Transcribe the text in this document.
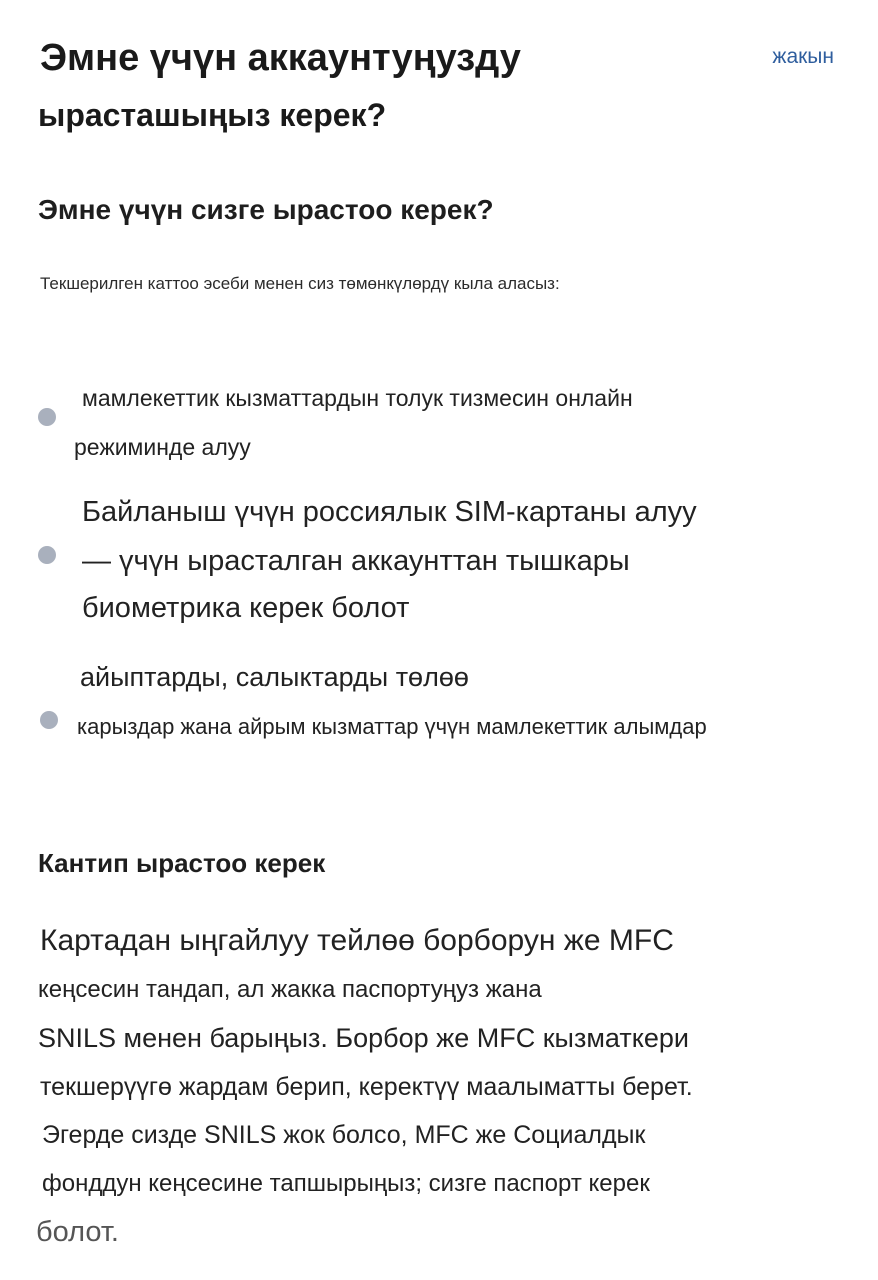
Эмне үчүн аккаунтуңузду
ырасташыңыз керек?
жакын
Эмне үчүн сизге ырастоо керек?

Текшерилген каттоо эсеби менен сиз төмөнкүлөрдү кыла аласыз:

мамлекеттик кызматтардын толук тизмесин онлайн

режиминде алуу

Байланыш үчүн россиялык SIM-картаны алуу

— үчүн ырасталган аккаунттан тышкары

биометрика керек болот

айыптарды, салыктарды төлөө

карыздар жана айрым кызматтар үчүн мамлекеттик алымдар

Кантип ырастоо керек

Картадан ыңгайлуу тейлөө борборун же MFC

кеңсесин тандап, ал жакка паспортуңуз жана

SNILS менен барыңыз. Борбор же MFC кызматкери

текшерүүгө жардам берип, керектүү маалыматты берет.

Эгерде сизде SNILS жок болсо, MFC же Социалдык

фонддун кеңсесине тапшырыңыз; сизге паспорт керек

болот.
